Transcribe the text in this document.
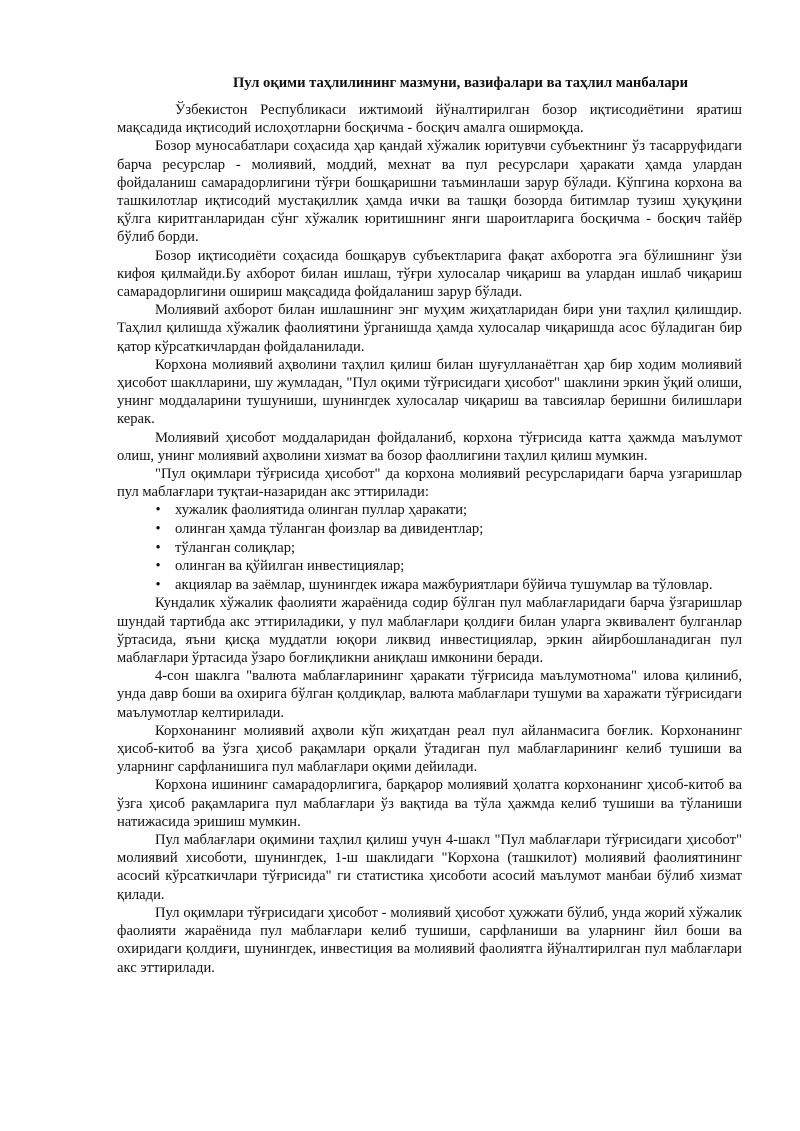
Пул оқими таҳлилининг мазмуни, вазифалари ва таҳлил манбалари

Ўзбекистон Республикаси ижтимоий йўналтирилган бозор иқтисодиётини яратиш мақсадида иқтисодий ислоҳотларни босқичма - босқич амалга оширмоқда.

Бозор муносабатлари соҳасида ҳар қандай хўжалик юритувчи субъектнинг ўз тасарруфидаги барча ресурслар - молиявий, моддий, мехнат ва пул ресурслари ҳаракати ҳамда улардан фойдаланиш самарадорлигини тўғри бошқаришни таъминлаши зарур бўлади. Кўпгина корхона ва ташкилотлар иқтисодий мустақиллик ҳамда ички ва ташқи бозорда битимлар тузиш ҳуқуқини қўлга киритганларидан сўнг хўжалик юритишнинг янги шароитларига босқичма - босқич тайёр бўлиб борди.

Бозор иқтисодиёти соҳасида бошқарув субъектларига фақат ахборотга эга бўлишнинг ўзи кифоя қилмайди.Бу ахборот билан ишлаш, тўғри хулосалар чиқариш ва улардан ишлаб чиқариш самарадорлигини ошириш мақсадида фойдаланиш зарур бўлади.

Молиявий ахборот билан ишлашнинг энг муҳим жиҳатларидан бири уни таҳлил қилишдир. Таҳлил қилишда хўжалик фаолиятини ўрганишда ҳамда хулосалар чиқаришда асос бўладиган бир қатор кўрсаткичлардан фойдаланилади.

Корхона молиявий аҳволини таҳлил қилиш билан шуғулланаётган ҳар бир ходим молиявий ҳисобот шаклларини, шу жумладан, "Пул оқими тўғрисидаги ҳисобот" шаклини эркин ўқий олиши, унинг моддаларини тушуниши, шунингдек хулосалар чиқариш ва тавсиялар беришни билишлари керак.

Молиявий ҳисобот моддаларидан фойдаланиб, корхона тўғрисида катта ҳажмда маълумот олиш, унинг молиявий аҳволини хизмат ва бозор фаоллигини таҳлил қилиш мумкин.

"Пул оқимлари тўғрисида ҳисобот" да корхона молиявий ресурсларидаги барча узгаришлар пул маблағлари туқтаи-назаридан акс эттирилади:

• хужалик фаолиятида олинган пуллар ҳаракати;
• олинган ҳамда тўланган фоизлар ва дивидентлар;
• тўланган солиқлар;
• олинган ва қўйилган инвестициялар;
• акциялар ва заёмлар, шунингдек ижара мажбуриятлари бўйича тушумлар ва тўловлар.

Кундалик хўжалик фаолияти жараёнида содир бўлган пул маблағларидаги барча ўзгаришлар шундай тартибда акс эттириладики, у пул маблағлари қолдиғи билан уларга эквивалент булганлар ўртасида, яъни қисқа муддатли юқори ликвид инвестициялар, эркин айирбошланадиган пул маблағлари ўртасида ўзаро боғлиқликни аниқлаш имконини беради.

4-сон шаклга "валюта маблағларининг ҳаракати тўғрисида маълумотнома" илова қилиниб, унда давр боши ва охирига бўлган қолдиқлар, валюта маблағлари тушуми ва харажати тўғрисидаги маълумотлар келтирилади.

Корхонанинг молиявий аҳволи кўп жиҳатдан реал пул айланмасига боғлик. Корхонанинг ҳисоб-китоб ва ўзга ҳисоб рақамлари орқали ўтадиган пул маблағларининг келиб тушиши ва уларнинг сарфланишига пул маблағлари оқими дейилади.

Корхона ишининг самарадорлигига, барқарор молиявий ҳолатга корхонанинг ҳисоб-китоб ва ўзга ҳисоб рақамларига пул маблағлари ўз вақтида ва тўла ҳажмда келиб тушиши ва тўланиши натижасида эришиш мумкин.

Пул маблағлари оқимини таҳлил қилиш учун 4-шакл "Пул маблағлари тўғрисидаги ҳисобот" молиявий хисоботи, шунингдек, 1-ш шаклидаги "Корхона (ташкилот) молиявий фаолиятининг асосий кўрсаткичлари тўғрисида" ги статистика ҳисоботи асосий маълумот манбаи бўлиб хизмат қилади.

Пул оқимлари тўғрисидаги ҳисобот - молиявий ҳисобот ҳужжати бўлиб, унда жорий хўжалик фаолияти жараёнида пул маблағлари келиб тушиши, сарфланиши ва уларнинг йил боши ва охиридаги қолдиғи, шунингдек, инвестиция ва молиявий фаолиятга йўналтирилган пул маблағлари акс эттирилади.
